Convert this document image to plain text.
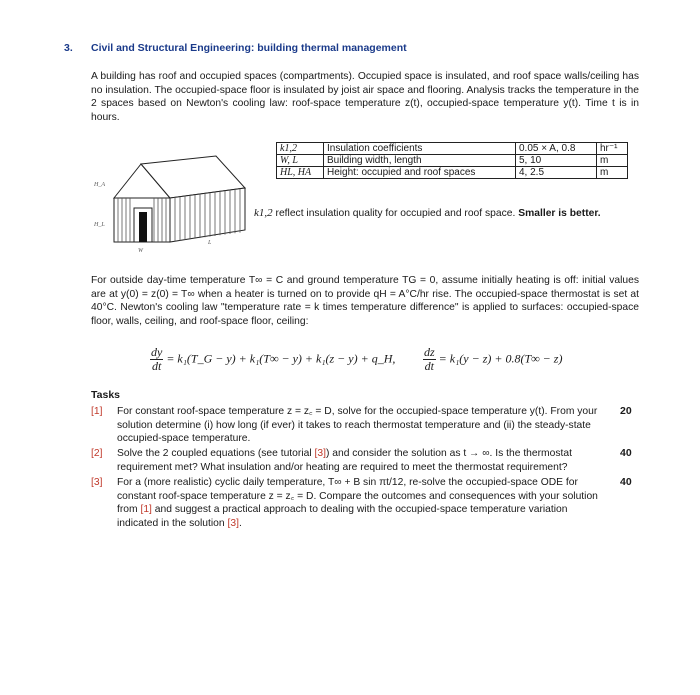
3. Civil and Structural Engineering: building thermal management
A building has roof and occupied spaces (compartments). Occupied space is insulated, and roof space walls/ceiling has no insulation. The occupied-space floor is insulated by joist air space and flooring. Analysis tracks the temperature in the 2 spaces based on Newton's cooling law: roof-space temperature z(t), occupied-space temperature y(t). Time t is in hours.
H_A
H_L
W
L
k1,2	Insulation coefficients	0.05 × A, 0.8	hr⁻¹
W, L	Building width, length	5, 10	m
HL, HA	Height: occupied and roof spaces	4, 2.5	m
k1,2 reflect insulation quality for occupied and roof space. Smaller is better.
For outside day-time temperature T∞ = C and ground temperature TG = 0, assume initially heating is off: initial values are at y(0) = z(0) = T∞ when a heater is turned on to provide qH = A°C/hr rise. The occupied-space thermostat is set at 40°C. Newton's cooling law "temperature rate = k times temperature difference" is applied to surfaces: occupied-space floor, walls, ceiling, and roof-space floor, ceiling:
$\frac{dy}{dt}$ = k₁(T_G − y) + k₁(T∞ − y) + k₁(z − y) + q_H, $\frac{dz}{dt} = k_1(y - z) + 0.8(T\infty - z)$
Tasks
[1] For constant roof-space temperature z = z꜀ = D, solve for the occupied-space temperature y(t). From your solution determine (i) how long (if ever) it takes to reach thermostat temperature and (ii) the steady-state occupied-space temperature.
20
[2] Solve the 2 coupled equations (see tutorial [3]) and consider the solution as t → ∞. Is the thermostat requirement met? What insulation and/or heating are required to meet the thermostat requirement?
40
[3] For a (more realistic) cyclic daily temperature, T∞ + B sin πt/12, re-solve the occupied-space ODE for constant roof-space temperature z = z꜀ = D. Compare the outcomes and consequences with your solution from [1] and suggest a practical approach to dealing with the occupied-space temperature variation indicated in the solution [3].
40
